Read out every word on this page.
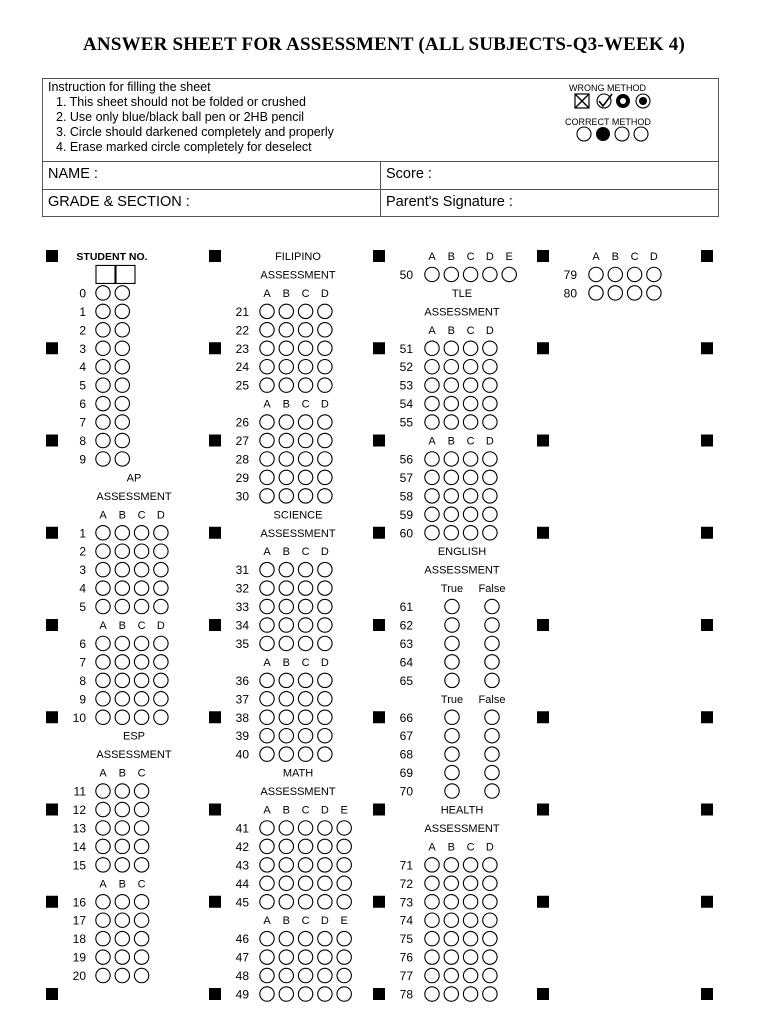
ANSWER SHEET FOR ASSESSMENT (ALL SUBJECTS-Q3-WEEK 4)
Instruction for filling the sheet
1. This sheet should not be folded or crushed
2. Use only blue/black ball pen or 2HB pencil
3. Circle should darkened completely and properly
4. Erase marked circle completely for deselect
WRONG METHOD
CORRECT METHOD
NAME :	Score :
GRADE & SECTION :	Parent's Signature :
STUDENT NO.
0
1
2
3
4
5
6
7
8
9
AP
ASSESSMENT
A B C D
1
2
3
4
5
A B C D
6
7
8
9
10
ESP
ASSESSMENT
A B C
11
12
13
14
15
A B C
16
17
18
19
20
FILIPINO
ASSESSMENT
A B C D
21
22
23
24
25
A B C D
26
27
28
29
30
SCIENCE
ASSESSMENT
A B C D
31
32
33
34
35
A B C D
36
37
38
39
40
MATH
ASSESSMENT
A B C D E
41
42
43
44
45
A B C D E
46
47
48
49
A B C D E
50
TLE
ASSESSMENT
A B C D
51
52
53
54
55
A B C D
56
57
58
59
60
ENGLISH
ASSESSMENT
True False
61
62
63
64
65
True False
66
67
68
69
70
HEALTH
ASSESSMENT
A B C D
71
72
73
74
75
76
77
78
A B C D
79
80
